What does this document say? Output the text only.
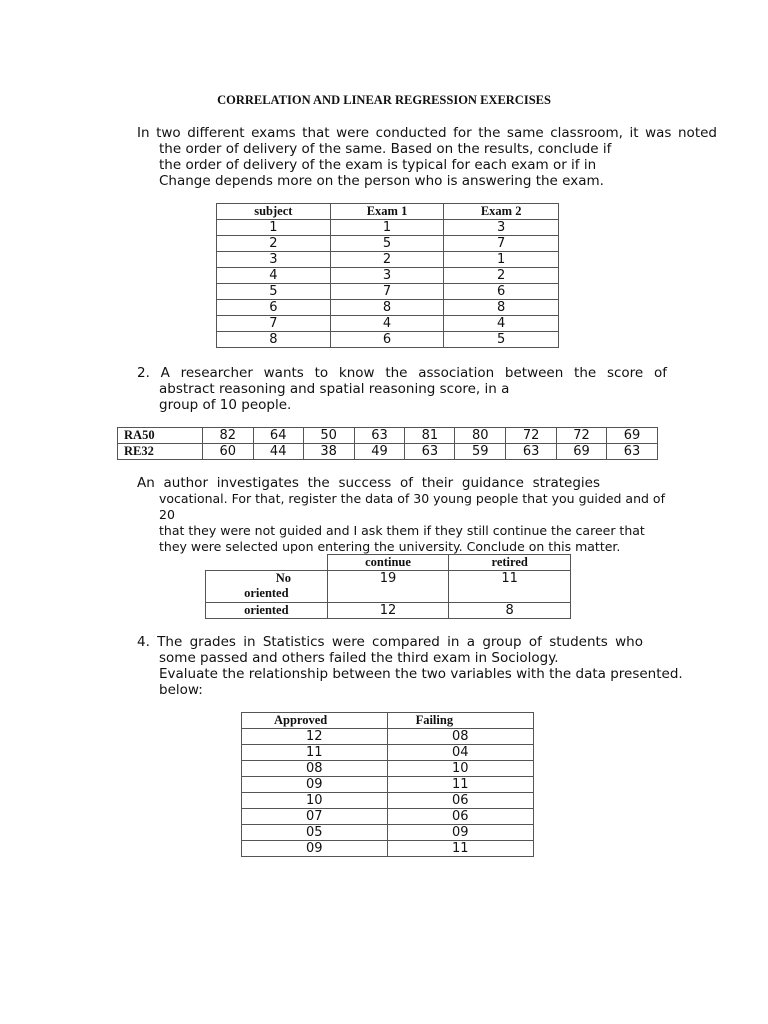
CORRELATION AND LINEAR REGRESSION EXERCISES
In two different exams that were conducted for the same classroom, it was noted
the order of delivery of the same. Based on the results, conclude if
the order of delivery of the exam is typical for each exam or if in
Change depends more on the person who is answering the exam.
subject	Exam 1	Exam 2
1	1	3
2	5	7
3	2	1
4	3	2
5	7	6
6	8	8
7	4	4
8	6	5
2. A researcher wants to know the association between the score of
abstract reasoning and spatial reasoning score, in a
group of 10 people.
RA50	82	64	50	63	81	80	72	72	69
RE32	60	44	38	49	63	59	63	69	63
An author investigates the success of their guidance strategies
vocational. For that, register the data of 30 young people that you guided and of 20
that they were not guided and I ask them if they still continue the career that
they were selected upon entering the university. Conclude on this matter.
	continue	retired

No
oriented	19	11
oriented	12	8
4. The grades in Statistics were compared in a group of students who
some passed and others failed the third exam in Sociology.
Evaluate the relationship between the two variables with the data presented.
below:
Approved	Failing
12	08
11	04
08	10
09	11
10	06
07	06
05	09
09	11
